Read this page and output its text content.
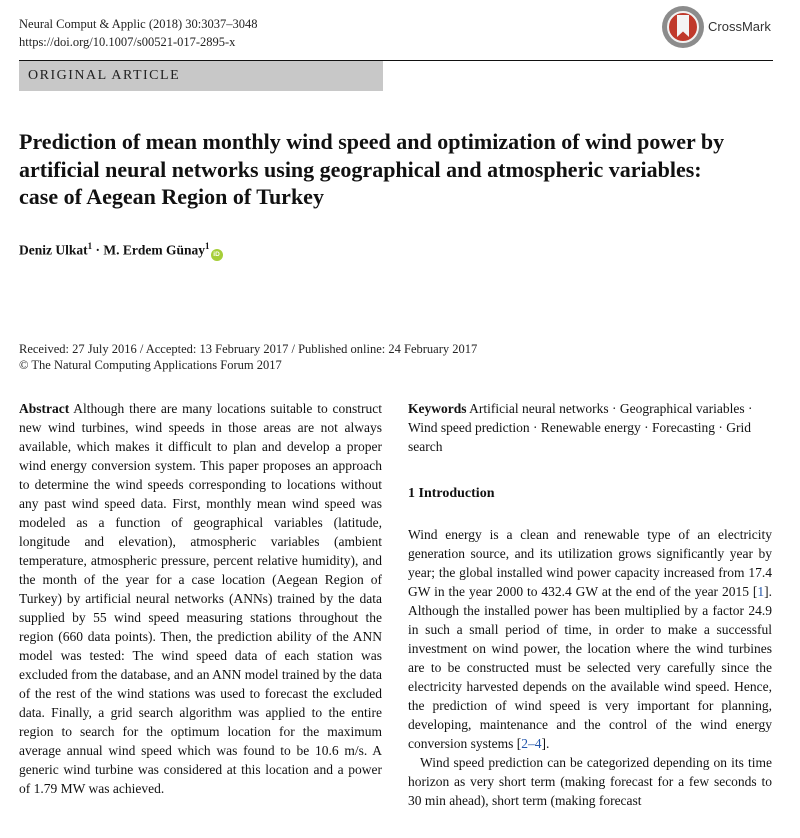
Neural Comput & Applic (2018) 30:3037–3048
https://doi.org/10.1007/s00521-017-2895-x
CrossMark
ORIGINAL ARTICLE
Prediction of mean monthly wind speed and optimization of wind power by artificial neural networks using geographical and atmospheric variables: case of Aegean Region of Turkey
Deniz Ulkat$^1$ · M. Erdem Günay$^1$iD
Received: 27 July 2016 / Accepted: 13 February 2017 / Published online: 24 February 2017
© The Natural Computing Applications Forum 2017

Abstract Although there are many locations suitable to construct new wind turbines, wind speeds in those areas are not always available, which makes it difficult to plan and develop a proper wind energy conversion system. This paper proposes an approach to determine the wind speeds corresponding to locations without any past wind speed data. First, monthly mean wind speed was modeled as a function of geographical variables (latitude, longitude and elevation), atmospheric variables (ambient temperature, atmospheric pressure, percent relative humidity), and the month of the year for a case location (Aegean Region of Turkey) by artificial neural networks (ANNs) trained by the data supplied by 55 wind speed measuring stations throughout the region (660 data points). Then, the prediction ability of the ANN model was tested: The wind speed data of each station was excluded from the database, and an ANN model trained by the data of the rest of the wind stations was used to forecast the excluded data. Finally, a grid search algorithm was applied to the entire region to search for the optimum location for the maximum average annual wind speed which was found to be 10.6 m/s. A generic wind turbine was considered at this location and a power of 1.79 MW was achieved.

Keywords Artificial neural networks · Geographical variables · Wind speed prediction · Renewable energy · Forecasting · Grid search

1 Introduction

Wind energy is a clean and renewable type of an electricity generation source, and its utilization grows significantly year by year; the global installed wind power capacity increased from 17.4 GW in the year 2000 to 432.4 GW at the end of the year 2015 [1]. Although the installed power has been multiplied by a factor 24.9 in such a small period of time, in order to make a successful investment on wind power, the location where the wind turbines are to be constructed must be selected very carefully since the electricity harvested depends on the available wind speed. Hence, the prediction of wind speed is very important for planning, developing, maintenance and the control of the wind energy conversion systems [2–4].

Wind speed prediction can be categorized depending on its time horizon as very short term (making forecast for a few seconds to 30 min ahead), short term (making forecast
